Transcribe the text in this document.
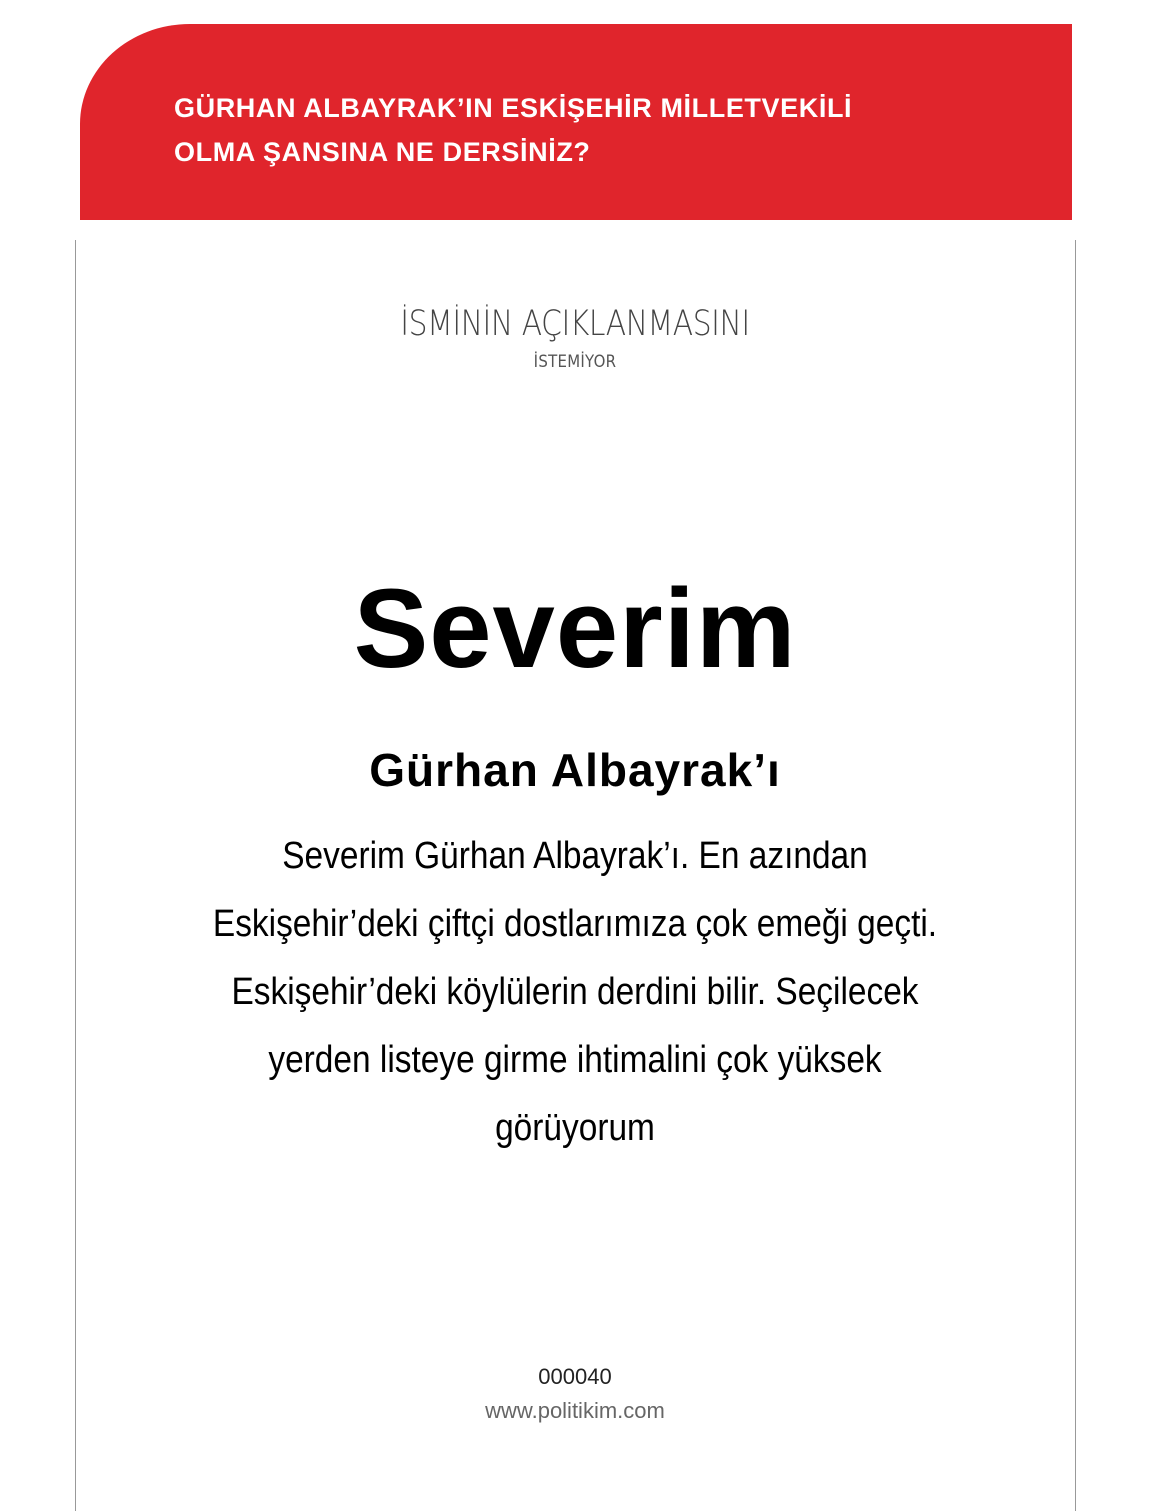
GÜRHAN ALBAYRAK’IN ESKİŞEHİR MİLLETVEKİLİ
OLMA ŞANSINA NE DERSİNİZ?
İSMİNİN AÇIKLANMASINI
İSTEMİYOR
Severim
Gürhan Albayrak’ı

Severim Gürhan Albayrak’ı. En azından
Eskişehir’deki çiftçi dostlarımıza çok emeği geçti.
Eskişehir’deki köylülerin derdini bilir. Seçilecek
yerden listeye girme ihtimalini çok yüksek
görüyorum

000040
www.politikim.com
